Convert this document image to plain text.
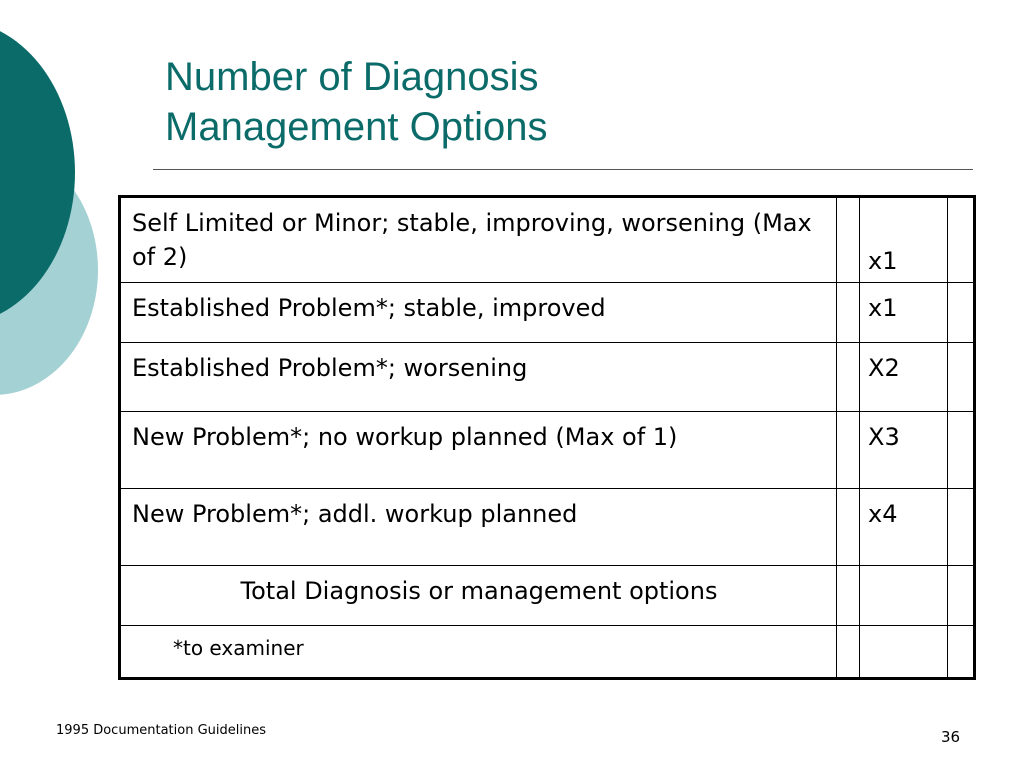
Number of Diagnosis
Management Options
Self Limited or Minor; stable, improving, worsening (Max of 2)		x1	
Established Problem*; stable, improved		x1	
Established Problem*; worsening		X2	
New Problem*; no workup planned (Max of 1)		X3	
New Problem*; addl. workup planned		x4	
Total Diagnosis or management options			
*to examiner			
1995 Documentation Guidelines	36
